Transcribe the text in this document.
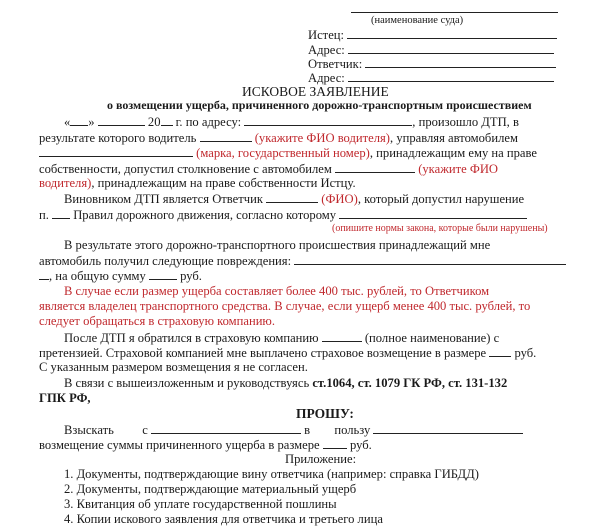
(наименование суда)
Истец:
Адрес:
Ответчик:
Адрес:
ИСКОВОЕ ЗАЯВЛЕНИЕ
о возмещении ущерба, причиненного дорожно-транспортным происшествием
« »	20 г. по адресу:	, произошло ДТП, в
результате которого водитель	(укажите ФИО водителя), управляя автомобилем
(марка, государственный номер), принадлежащим ему на праве
собственности, допустил столкновение с автомобилем	(укажите ФИО
водителя), принадлежащим на праве собственности Истцу.
Виновником ДТП является Ответчик	(ФИО), который допустил нарушение
п. Правил дорожного движения, согласно которому
(опишите нормы закона, которые были нарушены)
В результате этого дорожно-транспортного происшествия принадлежащий мне
автомобиль получил следующие повреждения:
, на общую сумму	руб.
В случае если размер ущерба составляет более 400 тыс. рублей, то Ответчиком
является владелец транспортного средства. В случае, если ущерб менее 400 тыс. рублей, то
следует обращаться в страховую компанию.
После ДТП я обратился в страховую компанию	(полное наименование) с
претензией. Страховой компанией мне выплачено страховое возмещение в размере руб.
С указанным размером возмещения я не согласен.
В связи с вышеизложенным и руководствуясь ст.1064, ст. 1079 ГК РФ, ст. 131-132
ГПК РФ,
ПРОШУ:
Взыскать с	в пользу
возмещение суммы причиненного ущерба в размере руб.
Приложение:
1. Документы, подтверждающие вину ответчика (например: справка ГИБДД)
2. Документы, подтверждающие материальный ущерб
3. Квитанция об уплате государственной пошлины
4. Копии искового заявления для ответчика и третьего лица
